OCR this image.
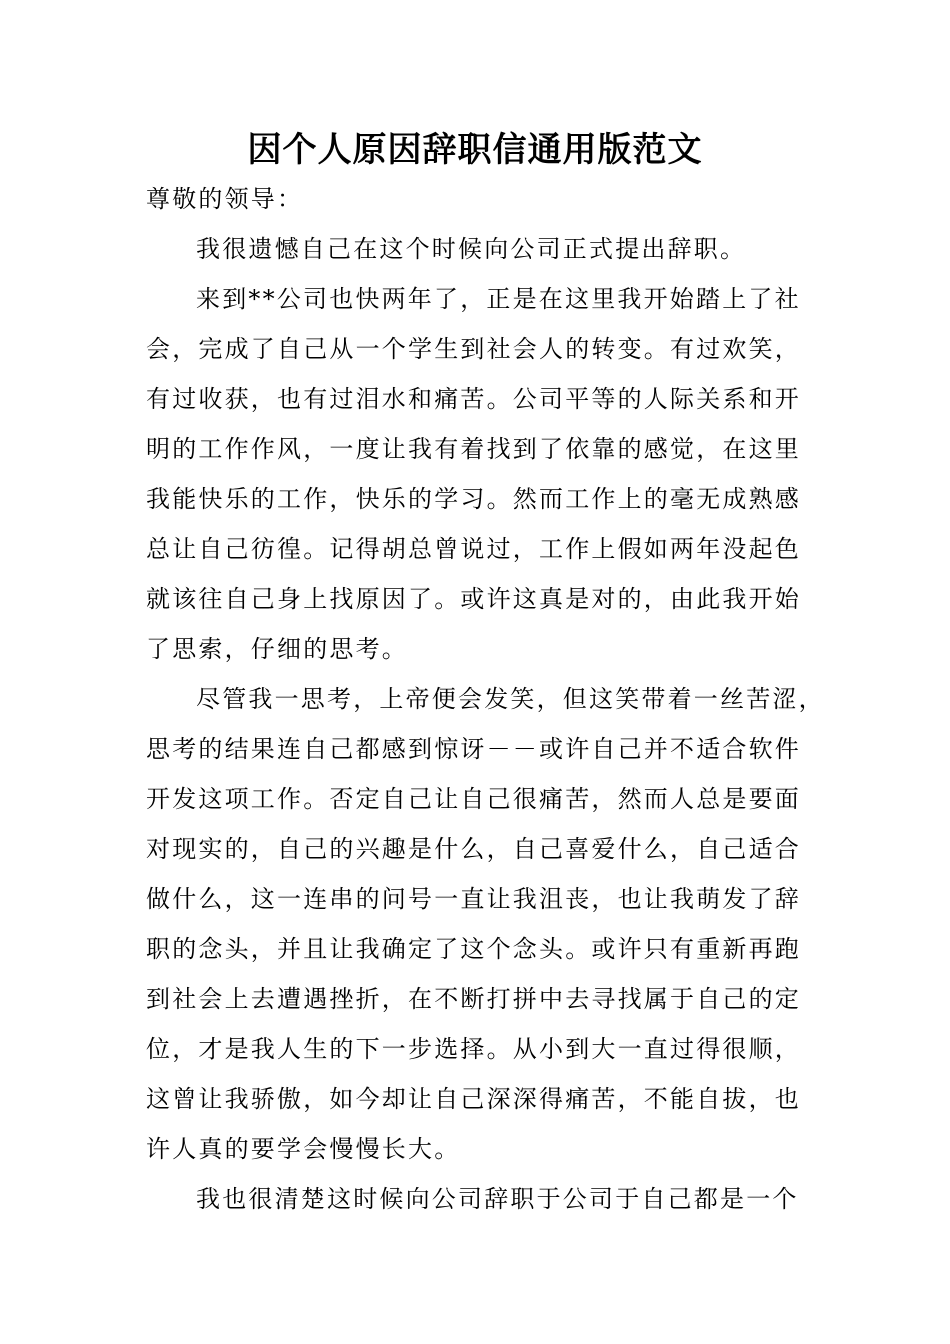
因个人原因辞职信通用版范文
尊敬的领导：
我很遗憾自己在这个时候向公司正式提出辞职。
来到**公司也快两年了，正是在这里我开始踏上了社
会，完成了自己从一个学生到社会人的转变。有过欢笑，
有过收获，也有过泪水和痛苦。公司平等的人际关系和开
明的工作作风，一度让我有着找到了依靠的感觉，在这里
我能快乐的工作，快乐的学习。然而工作上的毫无成熟感
总让自己彷徨。记得胡总曾说过，工作上假如两年没起色
就该往自己身上找原因了。或许这真是对的，由此我开始
了思索，仔细的思考。
尽管我一思考，上帝便会发笑，但这笑带着一丝苦涩，
思考的结果连自己都感到惊讶－－或许自己并不适合软件
开发这项工作。否定自己让自己很痛苦，然而人总是要面
对现实的，自己的兴趣是什么，自己喜爱什么，自己适合
做什么，这一连串的问号一直让我沮丧，也让我萌发了辞
职的念头，并且让我确定了这个念头。或许只有重新再跑
到社会上去遭遇挫折，在不断打拼中去寻找属于自己的定
位，才是我人生的下一步选择。从小到大一直过得很顺，
这曾让我骄傲，如今却让自己深深得痛苦，不能自拔，也
许人真的要学会慢慢长大。
我也很清楚这时候向公司辞职于公司于自己都是一个
